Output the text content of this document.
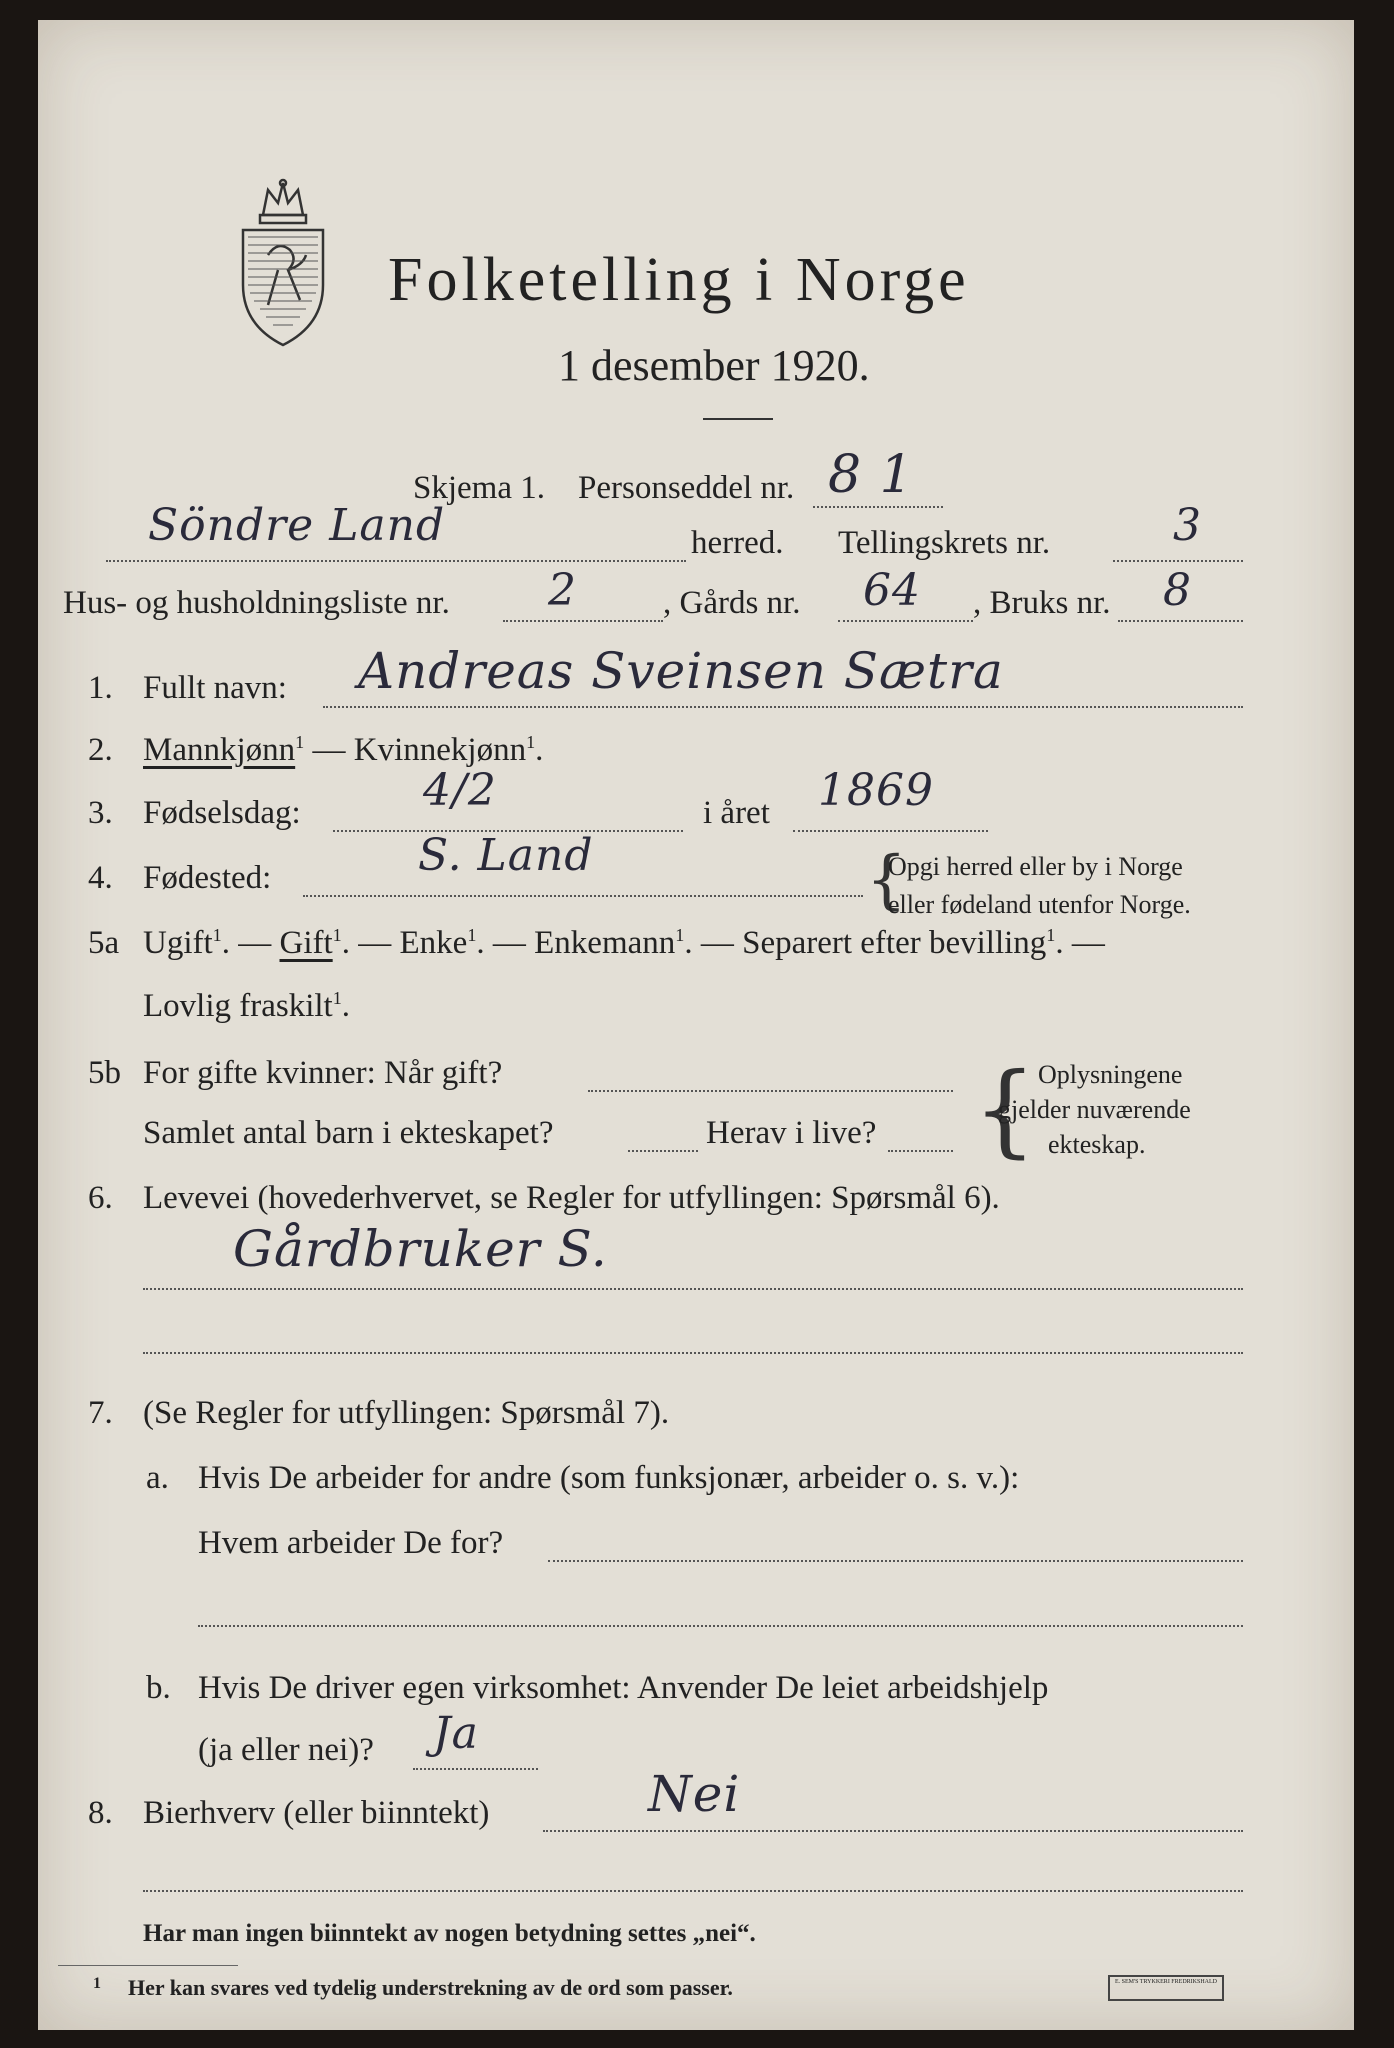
Folketelling i Norge
1 desember 1920.
Skjema 1. Personseddel nr. 8 1
Söndre Land	herred. Tellingskrets nr.	3
Hus- og husholdningsliste nr. 2	, Gårds nr. 64 , Bruks nr. 8
1. Fullt navn: Andreas Sveinsen Sætra
2. Mannkjønn$^1$ — Kvinnekjønn$^1$.
3. Fødselsdag:	4/2	i året 1869
4. Fødested:	S. Land	{
Opgi herred eller by i Norge
eller fødeland utenfor Norge.
5a Ugift$^1$. — Gift$^1$. — Enke$^1$. — Enkemann$^1$. — Separert efter bevilling$^1$. —
Lovlig fraskilt$^1$.
5b For gifte kvinner: Når gift?
Samlet antal barn i ekteskapet?	Herav i live? { Oplysningene
gjelder nuværende
ekteskap.
6. Levevei (hovederhvervet, se Regler for utfyllingen: Spørsmål 6).
Gårdbruker S.
7. (Se Regler for utfyllingen: Spørsmål 7).
a. Hvis De arbeider for andre (som funksjonær, arbeider o. s. v.):
Hvem arbeider De for?
b. Hvis De driver egen virksomhet: Anvender De leiet arbeidshjelp
(ja eller nei)? Ja
8. Bierhverv (eller biinntekt)	Nei
Har man ingen biinntekt av nogen betydning settes „nei“.
1 Her kan svares ved tydelig understrekning av de ord som passer.	E. SEM'S TRYKKERI FREDRIKSHALD
